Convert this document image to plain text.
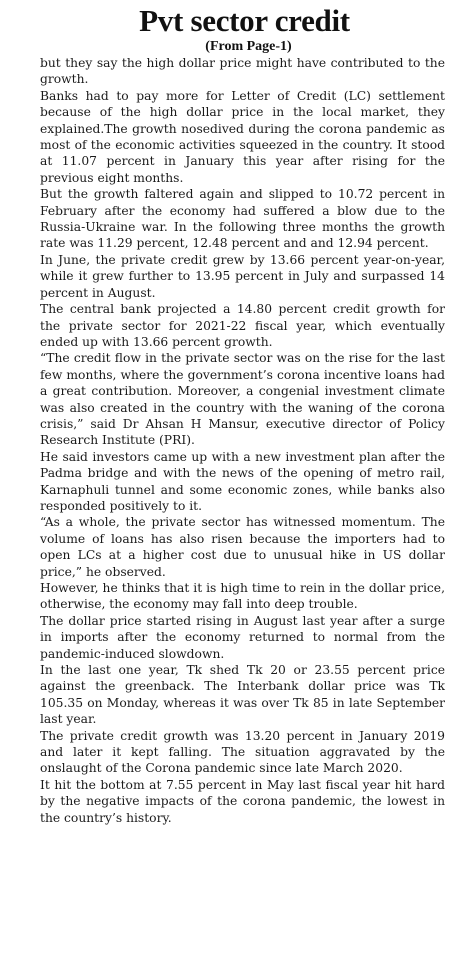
Pvt sector credit
(From Page-1)

but they say the high dollar price might have contributed to the growth.

Banks had to pay more for Letter of Credit (LC) settlement because of the high dollar price in the local market, they explained.The growth nosedived during the corona pandemic as most of the economic activities squeezed in the country. It stood at 11.07 percent in January this year after rising for the previous eight months.

But the growth faltered again and slipped to 10.72 percent in February after the economy had suffered a blow due to the Russia-Ukraine war. In the following three months the growth rate was 11.29 percent, 12.48 percent and and 12.94 percent.

In June, the private credit grew by 13.66 percent year-on-year, while it grew further to 13.95 percent in July and surpassed 14 percent in August.

The central bank projected a 14.80 percent credit growth for the private sector for 2021-22 fiscal year, which eventually ended up with 13.66 percent growth.

“The credit flow in the private sector was on the rise for the last few months, where the government’s corona incentive loans had a great contribution. Moreover, a congenial investment climate was also created in the country with the waning of the corona crisis,” said Dr Ahsan H Mansur, executive director of Policy Research Institute (PRI).

He said investors came up with a new investment plan after the Padma bridge and with the news of the opening of metro rail, Karnaphuli tunnel and some economic zones, while banks also responded positively to it.

“As a whole, the private sector has witnessed momentum. The volume of loans has also risen because the importers had to open LCs at a higher cost due to unusual hike in US dollar price,” he observed.

However, he thinks that it is high time to rein in the dollar price, otherwise, the economy may fall into deep trouble.

The dollar price started rising in August last year after a surge in imports after the economy returned to normal from the pandemic-induced slowdown.

In the last one year, Tk shed Tk 20 or 23.55 percent price against the greenback. The Interbank dollar price was Tk 105.35 on Monday, whereas it was over Tk 85 in late September last year.

The private credit growth was 13.20 percent in January 2019 and later it kept falling. The situation aggravated by the onslaught of the Corona pandemic since late March 2020.

It hit the bottom at 7.55 percent in May last fiscal year hit hard by the negative impacts of the corona pandemic, the lowest in the country’s history.
